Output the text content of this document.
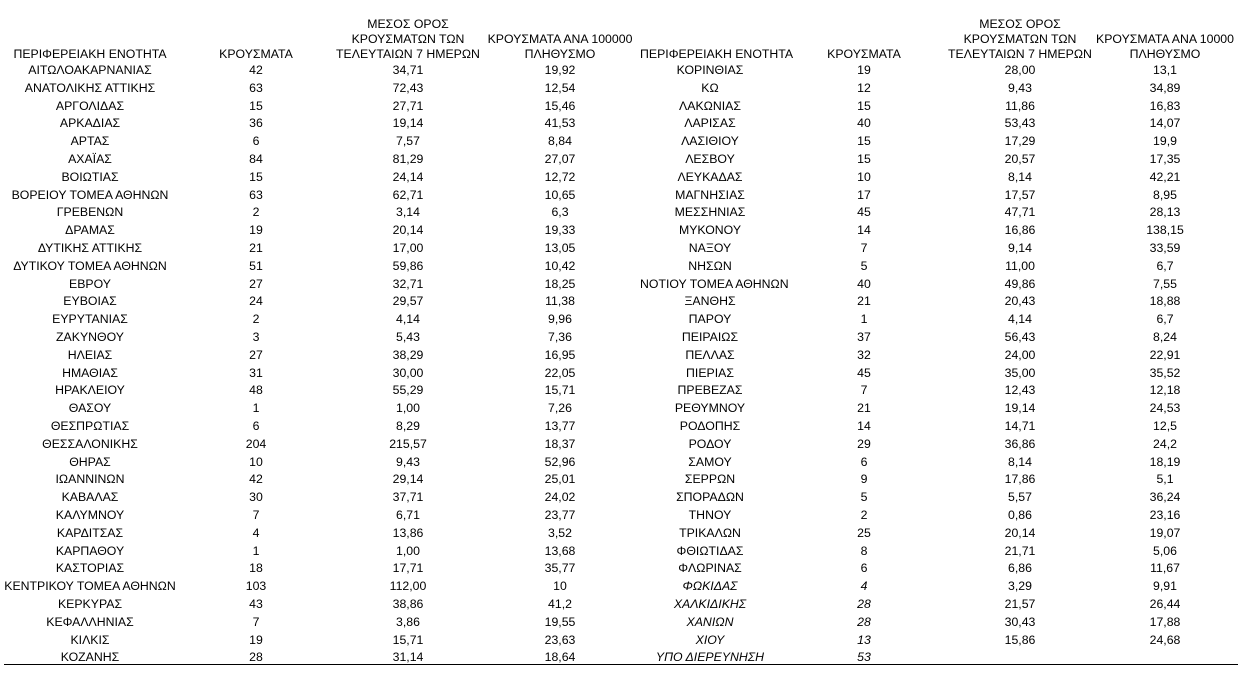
ΠΕΡΙΦΕΡΕΙΑΚΗ ΕΝΟΤΗΤΑ	ΚΡΟΥΣΜΑΤΑ	ΜΕΣΟΣ ΟΡΟΣ ΚΡΟΥΣΜΑΤΩΝ ΤΩΝ ΤΕΛΕΥΤΑΙΩΝ 7 ΗΜΕΡΩΝ	ΚΡΟΥΣΜΑΤΑ ΑΝΑ 100000 ΠΛΗΘΥΣΜΟ	ΠΕΡΙΦΕΡΕΙΑΚΗ ΕΝΟΤΗΤΑ	ΚΡΟΥΣΜΑΤΑ	ΜΕΣΟΣ ΟΡΟΣ ΚΡΟΥΣΜΑΤΩΝ ΤΩΝ ΤΕΛΕΥΤΑΙΩΝ 7 ΗΜΕΡΩΝ	ΚΡΟΥΣΜΑΤΑ ΑΝΑ 10000 ΠΛΗΘΥΣΜΟ
ΑΙΤΩΛΟΑΚΑΡΝΑΝΙΑΣ	42	34,71	19,92	ΚΟΡΙΝΘΙΑΣ	19	28,00	13,1
ΑΝΑΤΟΛΙΚΗΣ ΑΤΤΙΚΗΣ	63	72,43	12,54	ΚΩ	12	9,43	34,89
ΑΡΓΟΛΙΔΑΣ	15	27,71	15,46	ΛΑΚΩΝΙΑΣ	15	11,86	16,83
ΑΡΚΑΔΙΑΣ	36	19,14	41,53	ΛΑΡΙΣΑΣ	40	53,43	14,07
ΑΡΤΑΣ	6	7,57	8,84	ΛΑΣΙΘΙΟΥ	15	17,29	19,9
ΑΧΑΪΑΣ	84	81,29	27,07	ΛΕΣΒΟΥ	15	20,57	17,35
ΒΟΙΩΤΙΑΣ	15	24,14	12,72	ΛΕΥΚΑΔΑΣ	10	8,14	42,21
ΒΟΡΕΙΟΥ ΤΟΜΕΑ ΑΘΗΝΩΝ	63	62,71	10,65	ΜΑΓΝΗΣΙΑΣ	17	17,57	8,95
ΓΡΕΒΕΝΩΝ	2	3,14	6,3	ΜΕΣΣΗΝΙΑΣ	45	47,71	28,13
ΔΡΑΜΑΣ	19	20,14	19,33	ΜΥΚΟΝΟΥ	14	16,86	138,15
ΔΥΤΙΚΗΣ ΑΤΤΙΚΗΣ	21	17,00	13,05	ΝΑΞΟΥ	7	9,14	33,59
ΔΥΤΙΚΟΥ ΤΟΜΕΑ ΑΘΗΝΩΝ	51	59,86	10,42	ΝΗΣΩΝ	5	11,00	6,7
ΕΒΡΟΥ	27	32,71	18,25	ΝΟΤΙΟΥ ΤΟΜΕΑ ΑΘΗΝΩΝ	40	49,86	7,55
ΕΥΒΟΙΑΣ	24	29,57	11,38	ΞΑΝΘΗΣ	21	20,43	18,88
ΕΥΡΥΤΑΝΙΑΣ	2	4,14	9,96	ΠΑΡΟΥ	1	4,14	6,7
ΖΑΚΥΝΘΟΥ	3	5,43	7,36	ΠΕΙΡΑΙΩΣ	37	56,43	8,24
ΗΛΕΙΑΣ	27	38,29	16,95	ΠΕΛΛΑΣ	32	24,00	22,91
ΗΜΑΘΙΑΣ	31	30,00	22,05	ΠΙΕΡΙΑΣ	45	35,00	35,52
ΗΡΑΚΛΕΙΟΥ	48	55,29	15,71	ΠΡΕΒΕΖΑΣ	7	12,43	12,18
ΘΑΣΟΥ	1	1,00	7,26	ΡΕΘΥΜΝΟΥ	21	19,14	24,53
ΘΕΣΠΡΩΤΙΑΣ	6	8,29	13,77	ΡΟΔΟΠΗΣ	14	14,71	12,5
ΘΕΣΣΑΛΟΝΙΚΗΣ	204	215,57	18,37	ΡΟΔΟΥ	29	36,86	24,2
ΘΗΡΑΣ	10	9,43	52,96	ΣΑΜΟΥ	6	8,14	18,19
ΙΩΑΝΝΙΝΩΝ	42	29,14	25,01	ΣΕΡΡΩΝ	9	17,86	5,1
ΚΑΒΑΛΑΣ	30	37,71	24,02	ΣΠΟΡΑΔΩΝ	5	5,57	36,24
ΚΑΛΥΜΝΟΥ	7	6,71	23,77	ΤΗΝΟΥ	2	0,86	23,16
ΚΑΡΔΙΤΣΑΣ	4	13,86	3,52	ΤΡΙΚΑΛΩΝ	25	20,14	19,07
ΚΑΡΠΑΘΟΥ	1	1,00	13,68	ΦΘΙΩΤΙΔΑΣ	8	21,71	5,06
ΚΑΣΤΟΡΙΑΣ	18	17,71	35,77	ΦΛΩΡΙΝΑΣ	6	6,86	11,67
ΚΕΝΤΡΙΚΟΥ ΤΟΜΕΑ ΑΘΗΝΩΝ	103	112,00	10	ΦΩΚΙΔΑΣ	4	3,29	9,91
ΚΕΡΚΥΡΑΣ	43	38,86	41,2	ΧΑΛΚΙΔΙΚΗΣ	28	21,57	26,44
ΚΕΦΑΛΛΗΝΙΑΣ	7	3,86	19,55	ΧΑΝΙΩΝ	28	30,43	17,88
ΚΙΛΚΙΣ	19	15,71	23,63	ΧΙΟΥ	13	15,86	24,68
ΚΟΖΑΝΗΣ	28	31,14	18,64	ΥΠΟ ΔΙΕΡΕΥΝΗΣΗ	53		
